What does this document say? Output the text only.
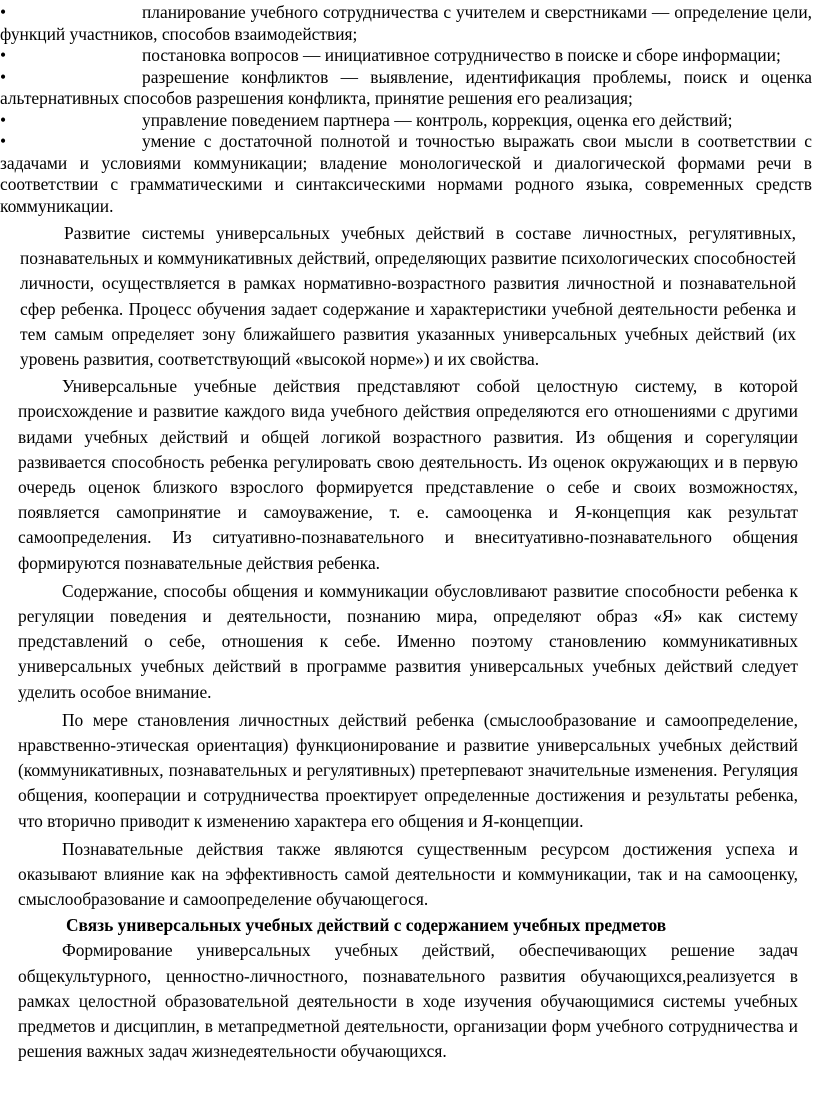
•	планирование учебного сотрудничества с учителем и сверстниками — определение цели, функций участников, способов взаимодействия;
•	постановка вопросов — инициативное сотрудничество в поиске и сборе информации;
•	разрешение конфликтов — выявление, идентификация проблемы, поиск и оценка альтернативных способов разрешения конфликта, принятие решения его реализация;
•	управление поведением партнера — контроль, коррекция, оценка его действий;
•	умение с достаточной полнотой и точностью выражать свои мысли в соответствии с задачами и условиями коммуникации; владение монологической и диалогической формами речи в соответствии с грамматическими и синтаксическими нормами родного языка, современных средств коммуникации.

Развитие системы универсальных учебных действий в составе личностных, регулятивных, познавательных и коммуникативных действий, определяющих развитие психологических способностей личности, осуществляется в рамках нормативно-возрастного развития личностной и познавательной сфер ребенка. Процесс обучения задает содержание и характеристики учебной деятельности ребенка и тем самым определяет зону ближайшего развития указанных универсальных учебных действий (их уровень развития, соответствующий «высокой норме») и их свойства.

Универсальные учебные действия представляют собой целостную систему, в которой происхождение и развитие каждого вида учебного действия определяются его отношениями с другими видами учебных действий и общей логикой возрастного развития. Из общения и сорегуляции развивается способность ребенка регулировать свою деятельность. Из оценок окружающих и в первую очередь оценок близкого взрослого формируется представление о себе и своих возможностях, появляется самопринятие и самоуважение, т. е. самооценка и Я-концепция как результат самоопределения. Из ситуативно-познавательного и внеситуативно-познавательного общения формируются познавательные действия ребенка.

Содержание, способы общения и коммуникации обусловливают развитие способности ребенка к регуляции поведения и деятельности, познанию мира, определяют образ «Я» как систему представлений о себе, отношения к себе. Именно поэтому становлению коммуникативных универсальных учебных действий в программе развития универсальных учебных действий следует уделить особое внимание.

По мере становления личностных действий ребенка (смыслообразование и самоопределение, нравственно-этическая ориентация) функционирование и развитие универсальных учебных действий (коммуникативных, познавательных и регулятивных) претерпевают значительные изменения. Регуляция общения, кооперации и сотрудничества проектирует определенные достижения и результаты ребенка, что вторично приводит к изменению характера его общения и Я-концепции.

Познавательные действия также являются существенным ресурсом достижения успеха и оказывают влияние как на эффективность самой деятельности и коммуникации, так и на самооценку, смыслообразование и самоопределение обучающегося.

Связь универсальных учебных действий с содержанием учебных предметов

Формирование универсальных учебных действий, обеспечивающих решение задач общекультурного, ценностно-личностного, познавательного развития обучающихся,реализуется в рамках целостной образовательной деятельности в ходе изучения обучающимися системы учебных предметов и дисциплин, в метапредметной деятельности, организации форм учебного сотрудничества и решения важных задач жизнедеятельности обучающихся.
